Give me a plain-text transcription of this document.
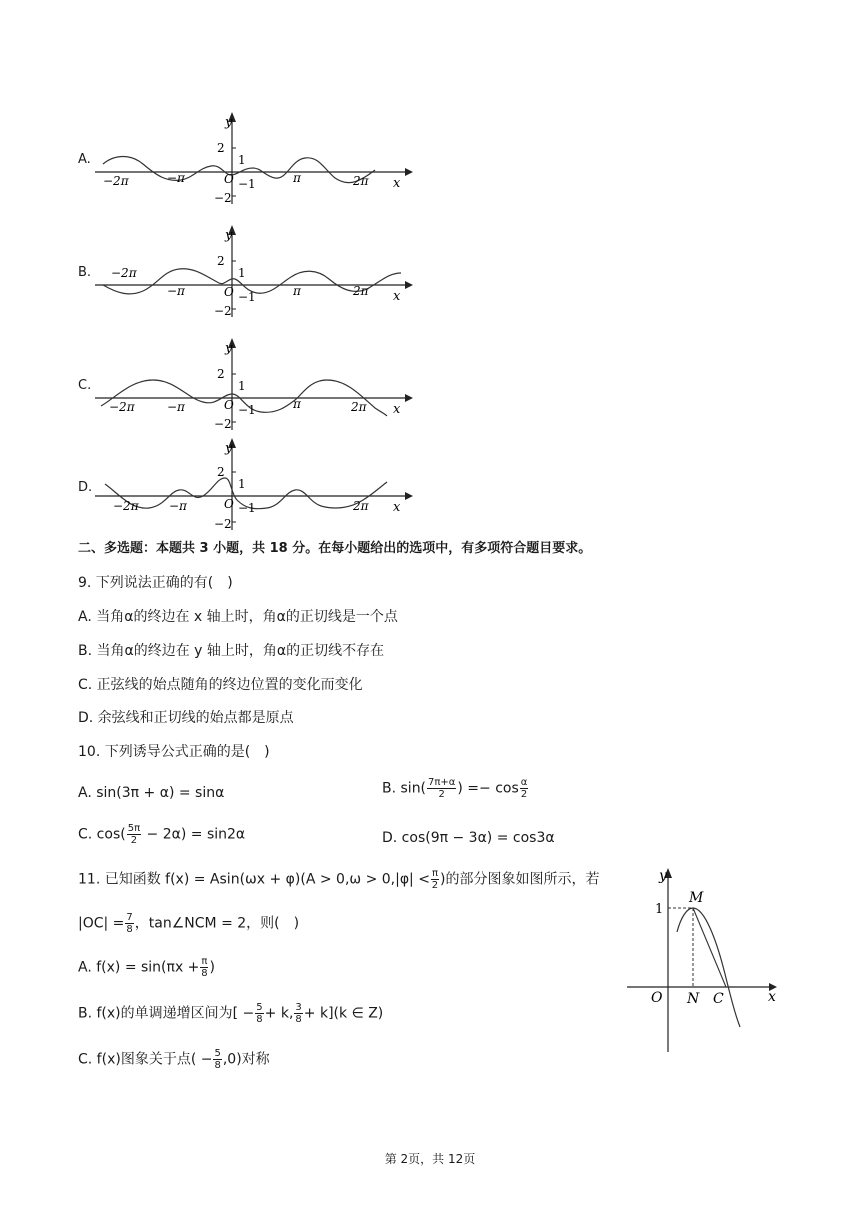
A.
y
x
O
2
−2
1
−1
−2π	−π	π	2π
B.
y
x
O
2
−2
1
−1
−2π
−π	π	2π
C.
y
x
O
2
−2
1
−1
−2π	−π	π	2π
D.
y
x
O
2
−2
1
−1
−2π	−π	2π
二、多选题：本题共 3 小题，共 18 分。在每小题给出的选项中，有多项符合题目要求。
9. 下列说法正确的有(　)
A. 当角α的终边在 x 轴上时，角α的正切线是一个点
B. 当角α的终边在 y 轴上时，角α的正切线不存在
C. 正弦线的始点随角的终边位置的变化而变化
D. 余弦线和正切线的始点都是原点
10. 下列诱导公式正确的是(　)
A. sin(3π + α) = sinα	B. $\sin( \frac{7\pi+\alpha}{2}$ ) =− $\cos \frac{\alpha}{2}$
C. $\cos( \frac{5\pi}{2} - 2\alpha) = \sin 2\alpha$	D. cos(9π − 3α) = cos3α
11. 已知函数 $f(x) = Asin(\omega x + \varphi)(A > 0,\omega > 0,|\varphi| < \frac{\pi}{2}$ )的部分图象如图所示，若
$|OC| = \frac{7}{8}$ ，tan∠NCM = 2，则(　)
A. $f(x) = \sin(\pi x + \frac{\pi}{8}$ )
B. f(x)的单调递增区间为[ − $\frac{5}{8} + k$, $\frac{3}{8} + k](k$ ∈ Z)
C. f(x)图象关于点( − $\frac{5}{8} ,0$)对称
y
x
O
1
M
N C
第 2页，共 12页
